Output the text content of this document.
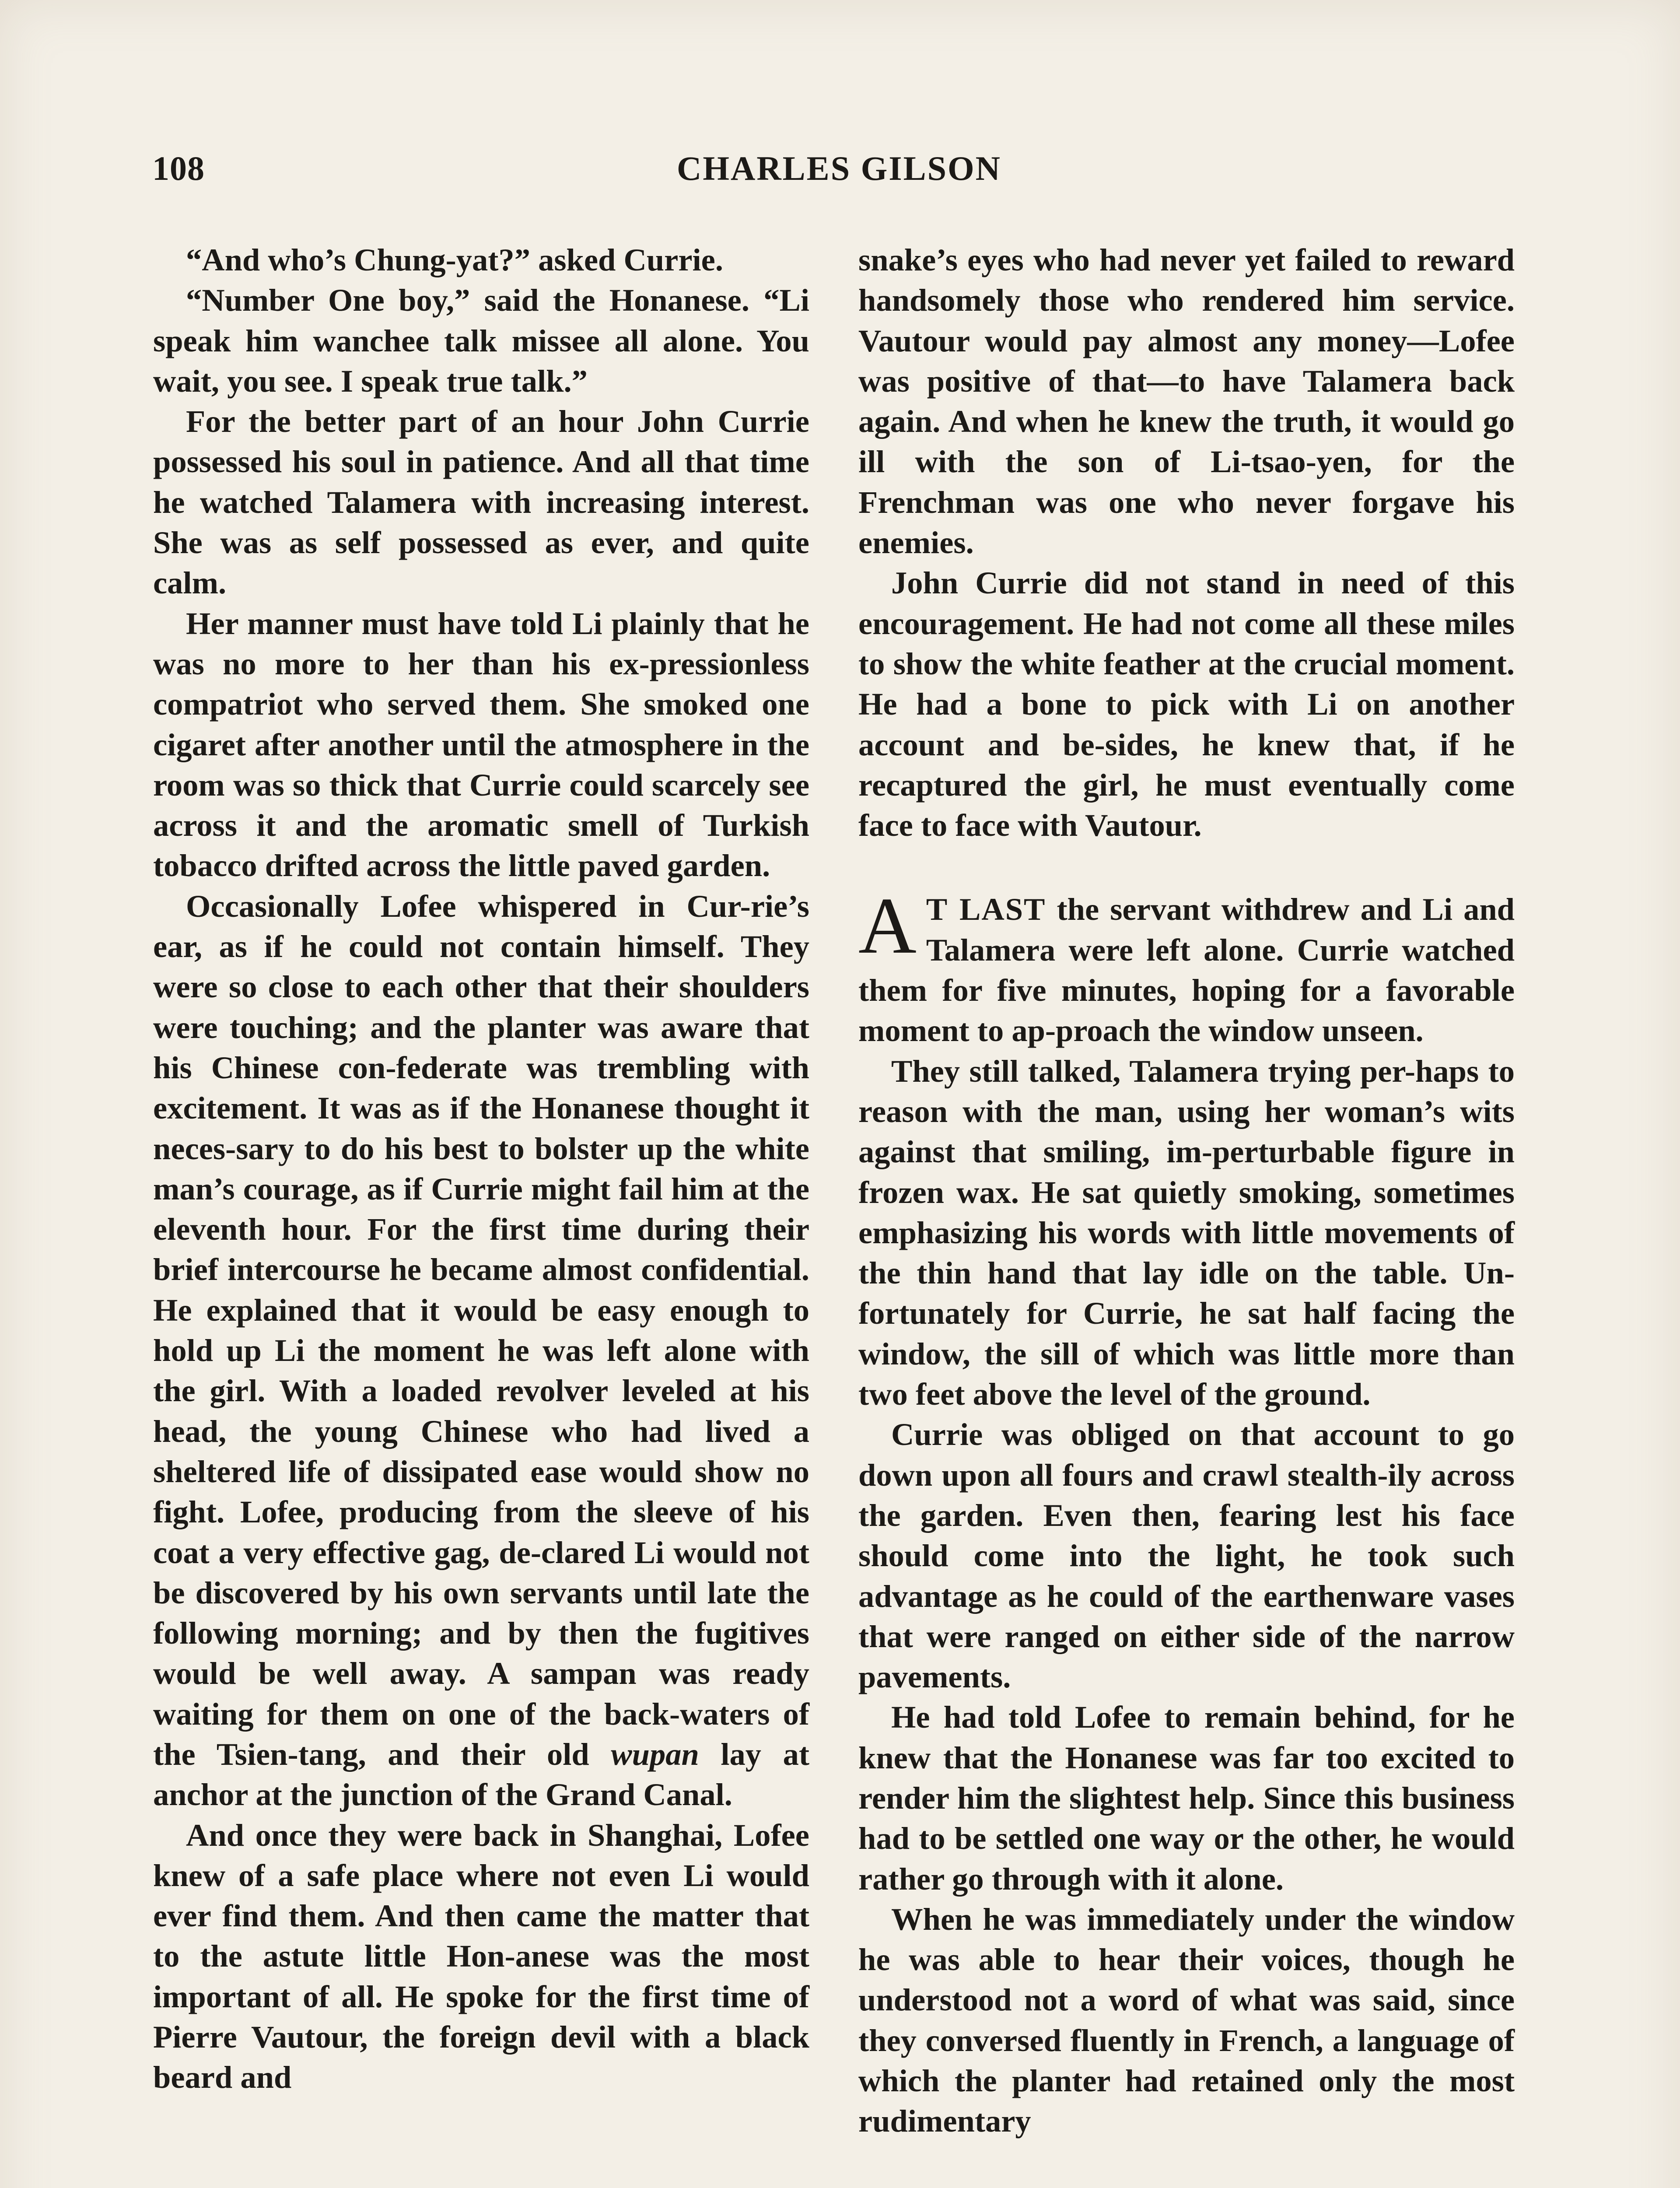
108	CHARLES GILSON

“And who’s Chung-yat?” asked Currie.

“Number One boy,” said the Honanese. “Li speak him wanchee talk missee all alone. You wait, you see. I speak true talk.”

For the better part of an hour John Currie possessed his soul in patience. And all that time he watched Talamera with increasing interest. She was as self possessed as ever, and quite calm.

Her manner must have told Li plainly that he was no more to her than his ex-pressionless compatriot who served them. She smoked one cigaret after another until the atmosphere in the room was so thick that Currie could scarcely see across it and the aromatic smell of Turkish tobacco drifted across the little paved garden.

Occasionally Lofee whispered in Cur-rie’s ear, as if he could not contain himself. They were so close to each other that their shoulders were touching; and the planter was aware that his Chinese con-federate was trembling with excitement. It was as if the Honanese thought it neces-sary to do his best to bolster up the white man’s courage, as if Currie might fail him at the eleventh hour. For the first time during their brief intercourse he became almost confidential. He explained that it would be easy enough to hold up Li the moment he was left alone with the girl. With a loaded revolver leveled at his head, the young Chinese who had lived a sheltered life of dissipated ease would show no fight. Lofee, producing from the sleeve of his coat a very effective gag, de-clared Li would not be discovered by his own servants until late the following morning; and by then the fugitives would be well away. A sampan was ready waiting for them on one of the back-waters of the Tsien-tang, and their old wupan lay at anchor at the junction of the Grand Canal.

And once they were back in Shanghai, Lofee knew of a safe place where not even Li would ever find them. And then came the matter that to the astute little Hon-anese was the most important of all. He spoke for the first time of Pierre Vautour, the foreign devil with a black beard and

snake’s eyes who had never yet failed to reward handsomely those who rendered him service. Vautour would pay almost any money—Lofee was positive of that—to have Talamera back again. And when he knew the truth, it would go ill with the son of Li-tsao-yen, for the Frenchman was one who never forgave his enemies.

John Currie did not stand in need of this encouragement. He had not come all these miles to show the white feather at the crucial moment. He had a bone to pick with Li on another account and be-sides, he knew that, if he recaptured the girl, he must eventually come face to face with Vautour.

A T LAST the servant withdrew and Li and Talamera were left alone. Currie watched them for five minutes, hoping for a favorable moment to ap-proach the window unseen.

They still talked, Talamera trying per-haps to reason with the man, using her woman’s wits against that smiling, im-perturbable figure in frozen wax. He sat quietly smoking, sometimes emphasizing his words with little movements of the thin hand that lay idle on the table. Un-fortunately for Currie, he sat half facing the window, the sill of which was little more than two feet above the level of the ground.

Currie was obliged on that account to go down upon all fours and crawl stealth-ily across the garden. Even then, fearing lest his face should come into the light, he took such advantage as he could of the earthenware vases that were ranged on either side of the narrow pavements.

He had told Lofee to remain behind, for he knew that the Honanese was far too excited to render him the slightest help. Since this business had to be settled one way or the other, he would rather go through with it alone.

When he was immediately under the window he was able to hear their voices, though he understood not a word of what was said, since they conversed fluently in French, a language of which the planter had retained only the most rudimentary
